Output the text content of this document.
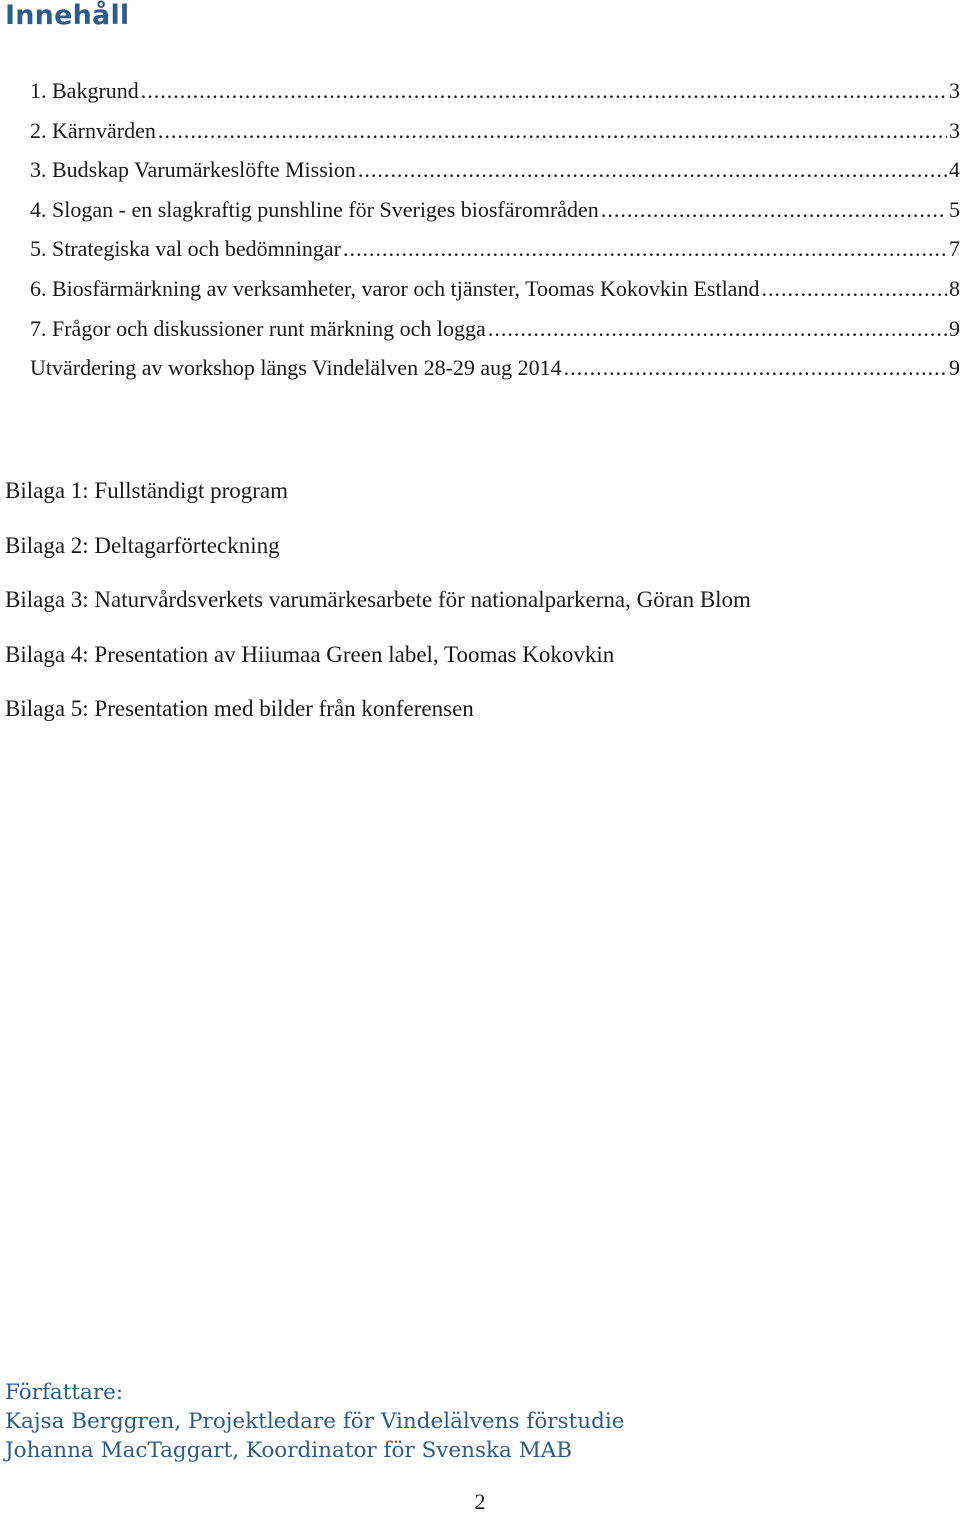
Innehåll
1. Bakgrund .....	3
2. Kärnvärden .....	3
3. Budskap Varumärkeslöfte Mission .....	4
4. Slogan - en slagkraftig punshline för Sveriges biosfärområden .....	5
5. Strategiska val och bedömningar .....	7
6. Biosfärmärkning av verksamheter, varor och tjänster, Toomas Kokovkin Estland .....	8
7. Frågor och diskussioner runt märkning och logga .....	9
Utvärdering av workshop längs Vindelälven 28-29 aug 2014 .....	9
Bilaga 1: Fullständigt program
Bilaga 2: Deltagarförteckning
Bilaga 3: Naturvårdsverkets varumärkesarbete för nationalparkerna, Göran Blom
Bilaga 4: Presentation av Hiiumaa Green label, Toomas Kokovkin
Bilaga 5: Presentation med bilder från konferensen
Författare:
Kajsa Berggren, Projektledare för Vindelälvens förstudie
Johanna MacTaggart, Koordinator för Svenska MAB
2
